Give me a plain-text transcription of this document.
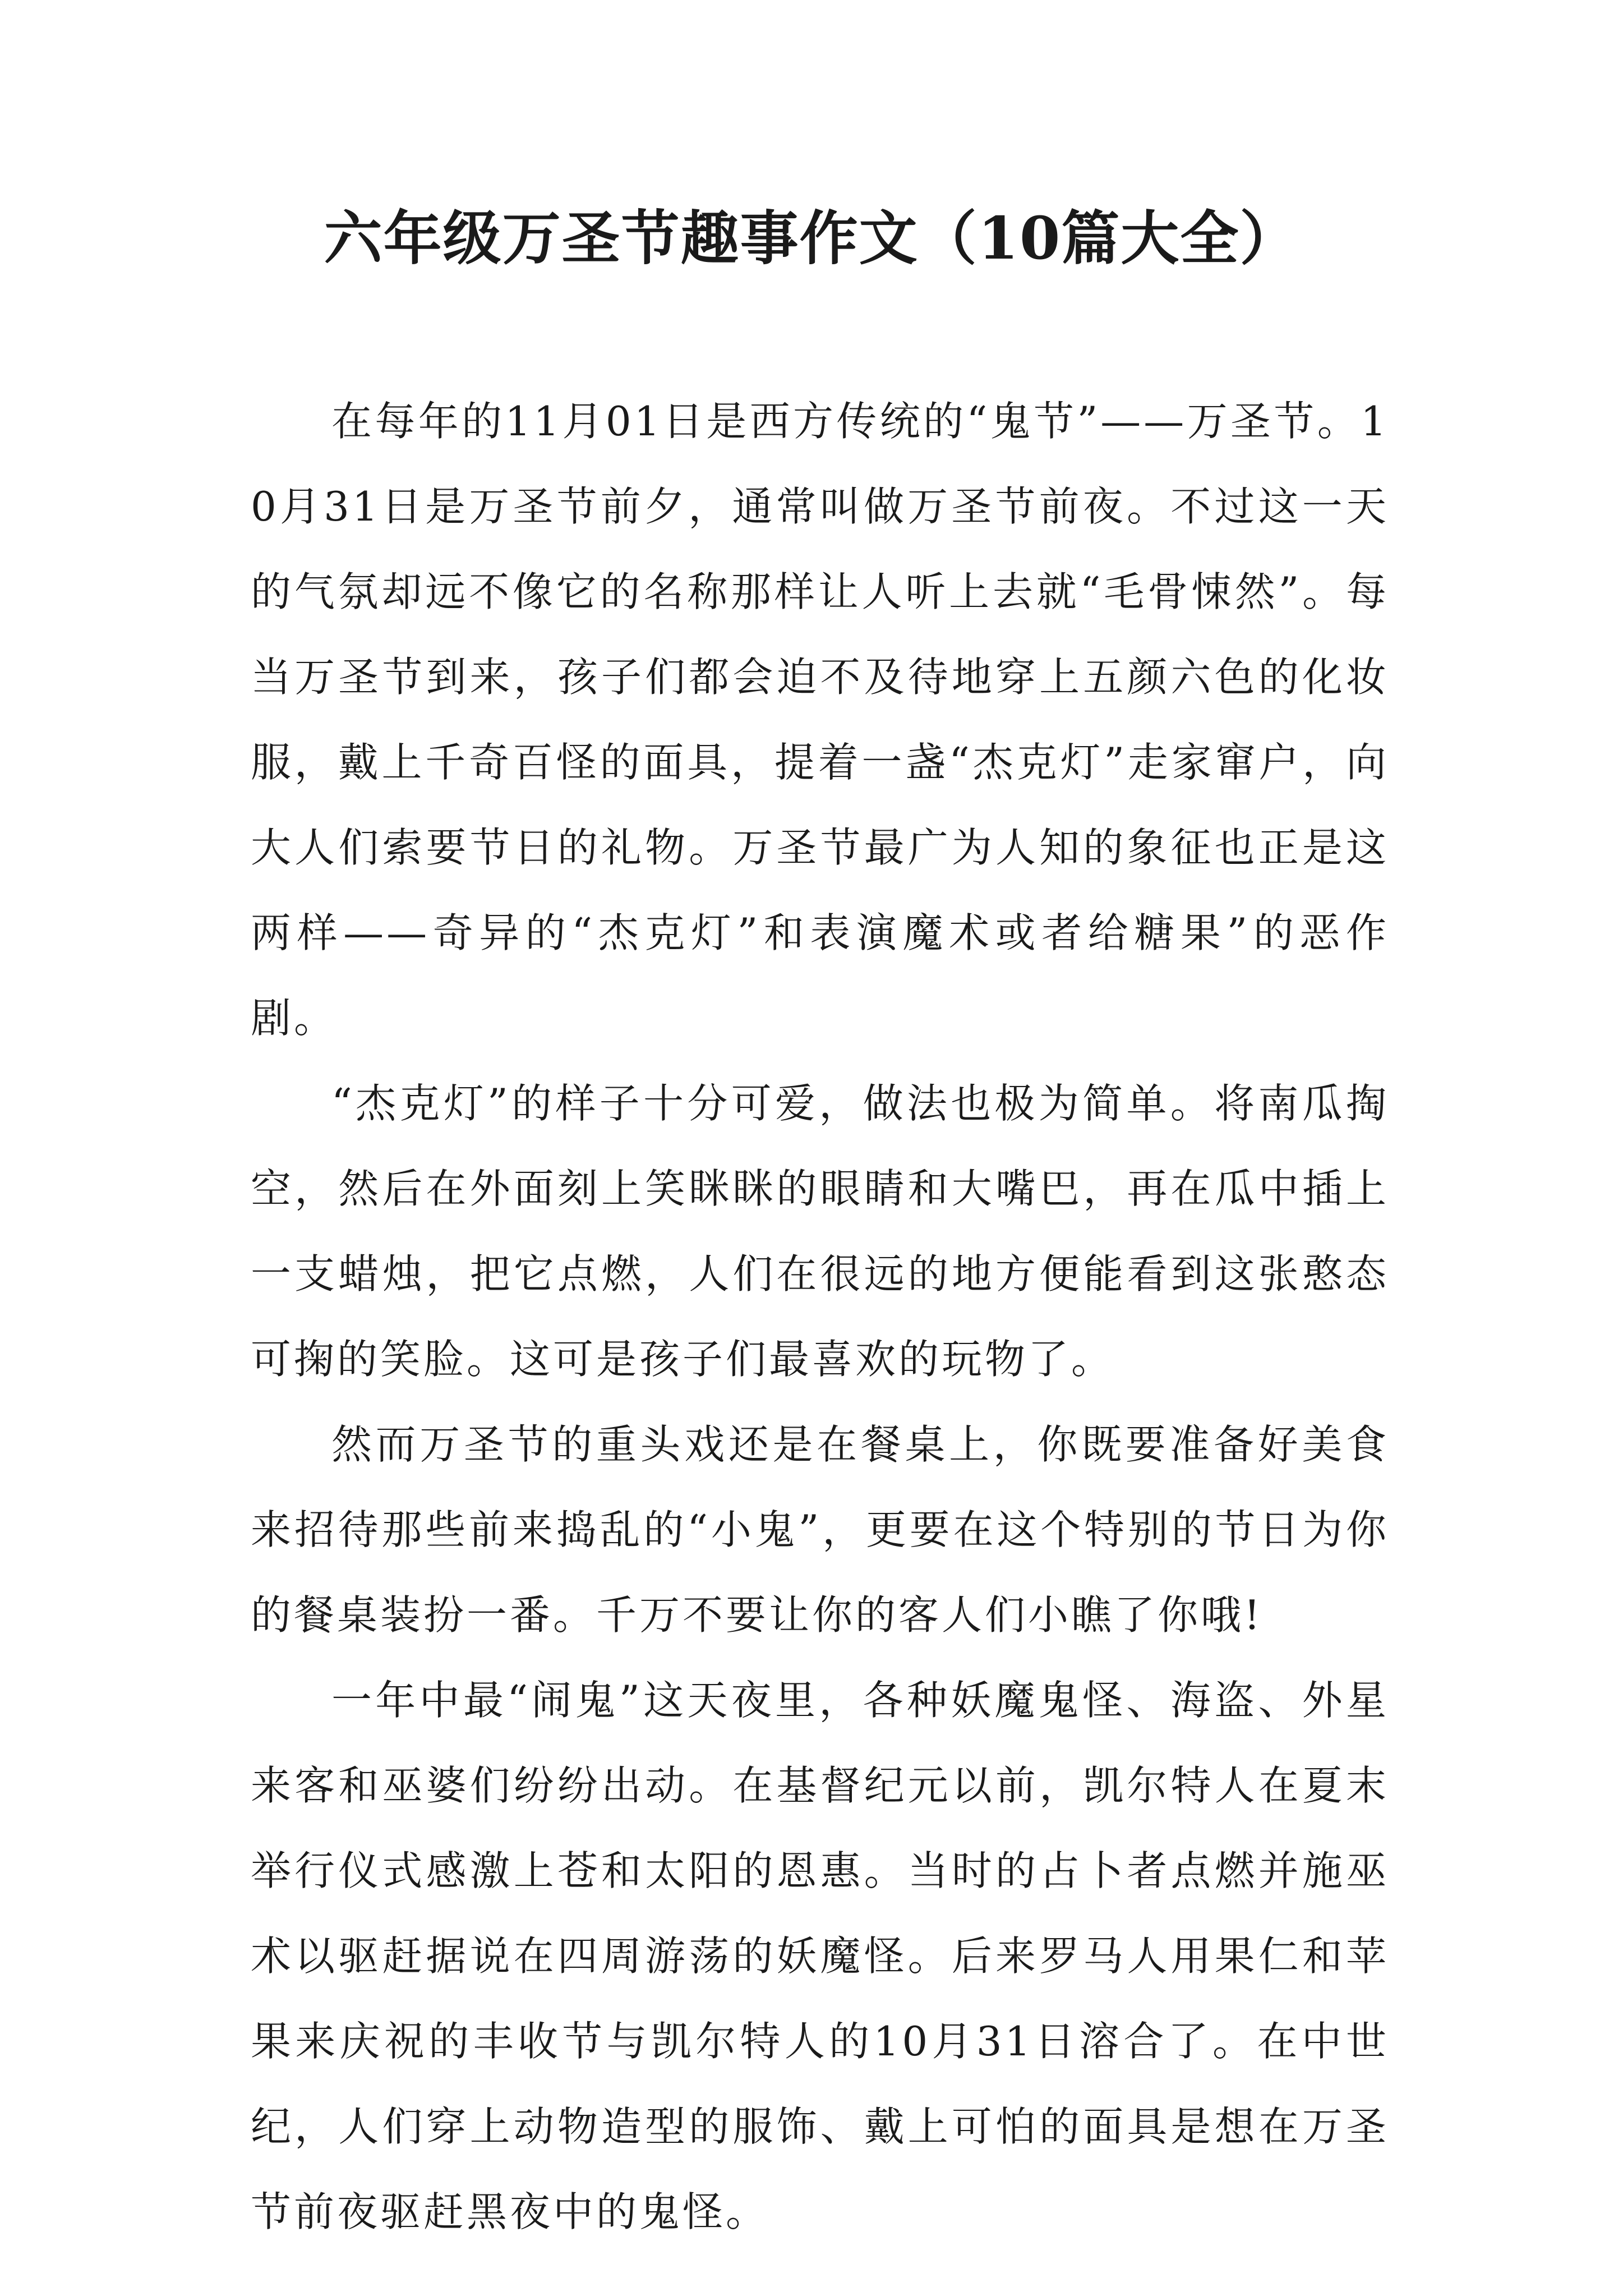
六年级万圣节趣事作文（10篇大全）

在每年的11月01日是西方传统的“鬼节”——万圣节。10月31日是万圣节前夕，通常叫做万圣节前夜。不过这一天的气氛却远不像它的名称那样让人听上去就“毛骨悚然”。每当万圣节到来，孩子们都会迫不及待地穿上五颜六色的化妆服，戴上千奇百怪的面具，提着一盏“杰克灯”走家窜户，向大人们索要节日的礼物。万圣节最广为人知的象征也正是这两样——奇异的“杰克灯”和表演魔术或者给糖果”的恶作剧。

“杰克灯”的样子十分可爱，做法也极为简单。将南瓜掏空，然后在外面刻上笑眯眯的眼睛和大嘴巴，再在瓜中插上一支蜡烛，把它点燃，人们在很远的地方便能看到这张憨态可掬的笑脸。这可是孩子们最喜欢的玩物了。

然而万圣节的重头戏还是在餐桌上，你既要准备好美食来招待那些前来捣乱的“小鬼”，更要在这个特别的节日为你的餐桌装扮一番。千万不要让你的客人们小瞧了你哦!

一年中最“闹鬼”这天夜里，各种妖魔鬼怪、海盗、外星来客和巫婆们纷纷出动。在基督纪元以前，凯尔特人在夏末举行仪式感激上苍和太阳的恩惠。当时的占卜者点燃并施巫术以驱赶据说在四周游荡的妖魔怪。后来罗马人用果仁和苹果来庆祝的丰收节与凯尔特人的10月31日溶合了。在中世纪，人们穿上动物造型的服饰、戴上可怕的面具是想在万圣节前夜驱赶黑夜中的鬼怪。
